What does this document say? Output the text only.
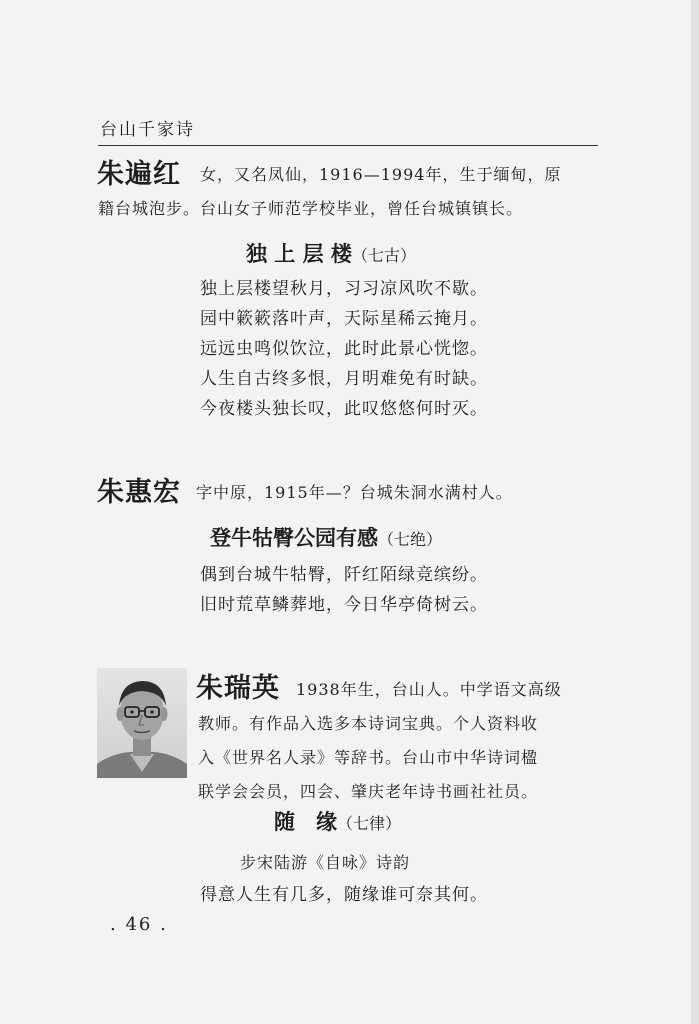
台山千家诗
朱遍红 女，又名凤仙，1916—1994年，生于缅甸，原
籍台城泡步。台山女子师范学校毕业，曾任台城镇镇长。
独 上 层 楼（七古）
独上层楼望秋月，习习凉风吹不歇。
园中簌簌落叶声，天际星稀云掩月。
远远虫鸣似饮泣，此时此景心恍惚。
人生自古终多恨，月明难免有时缺。
今夜楼头独长叹，此叹悠悠何时灭。
朱惠宏 字中原，1915年—？台城朱洞水满村人。
登牛牯臀公园有感（七绝）
偶到台城牛牯臀，阡红陌绿竞缤纷。
旧时荒草鳞葬地，今日华亭倚树云。
朱瑞英 1938年生，台山人。中学语文高级
教师。有作品入选多本诗词宝典。个人资料收
入《世界名人录》等辞书。台山市中华诗词楹
联学会会员，四会、肇庆老年诗书画社社员。
随　缘（七律）
步宋陆游《自咏》诗韵
得意人生有几多，随缘谁可奈其何。
. 46 .
